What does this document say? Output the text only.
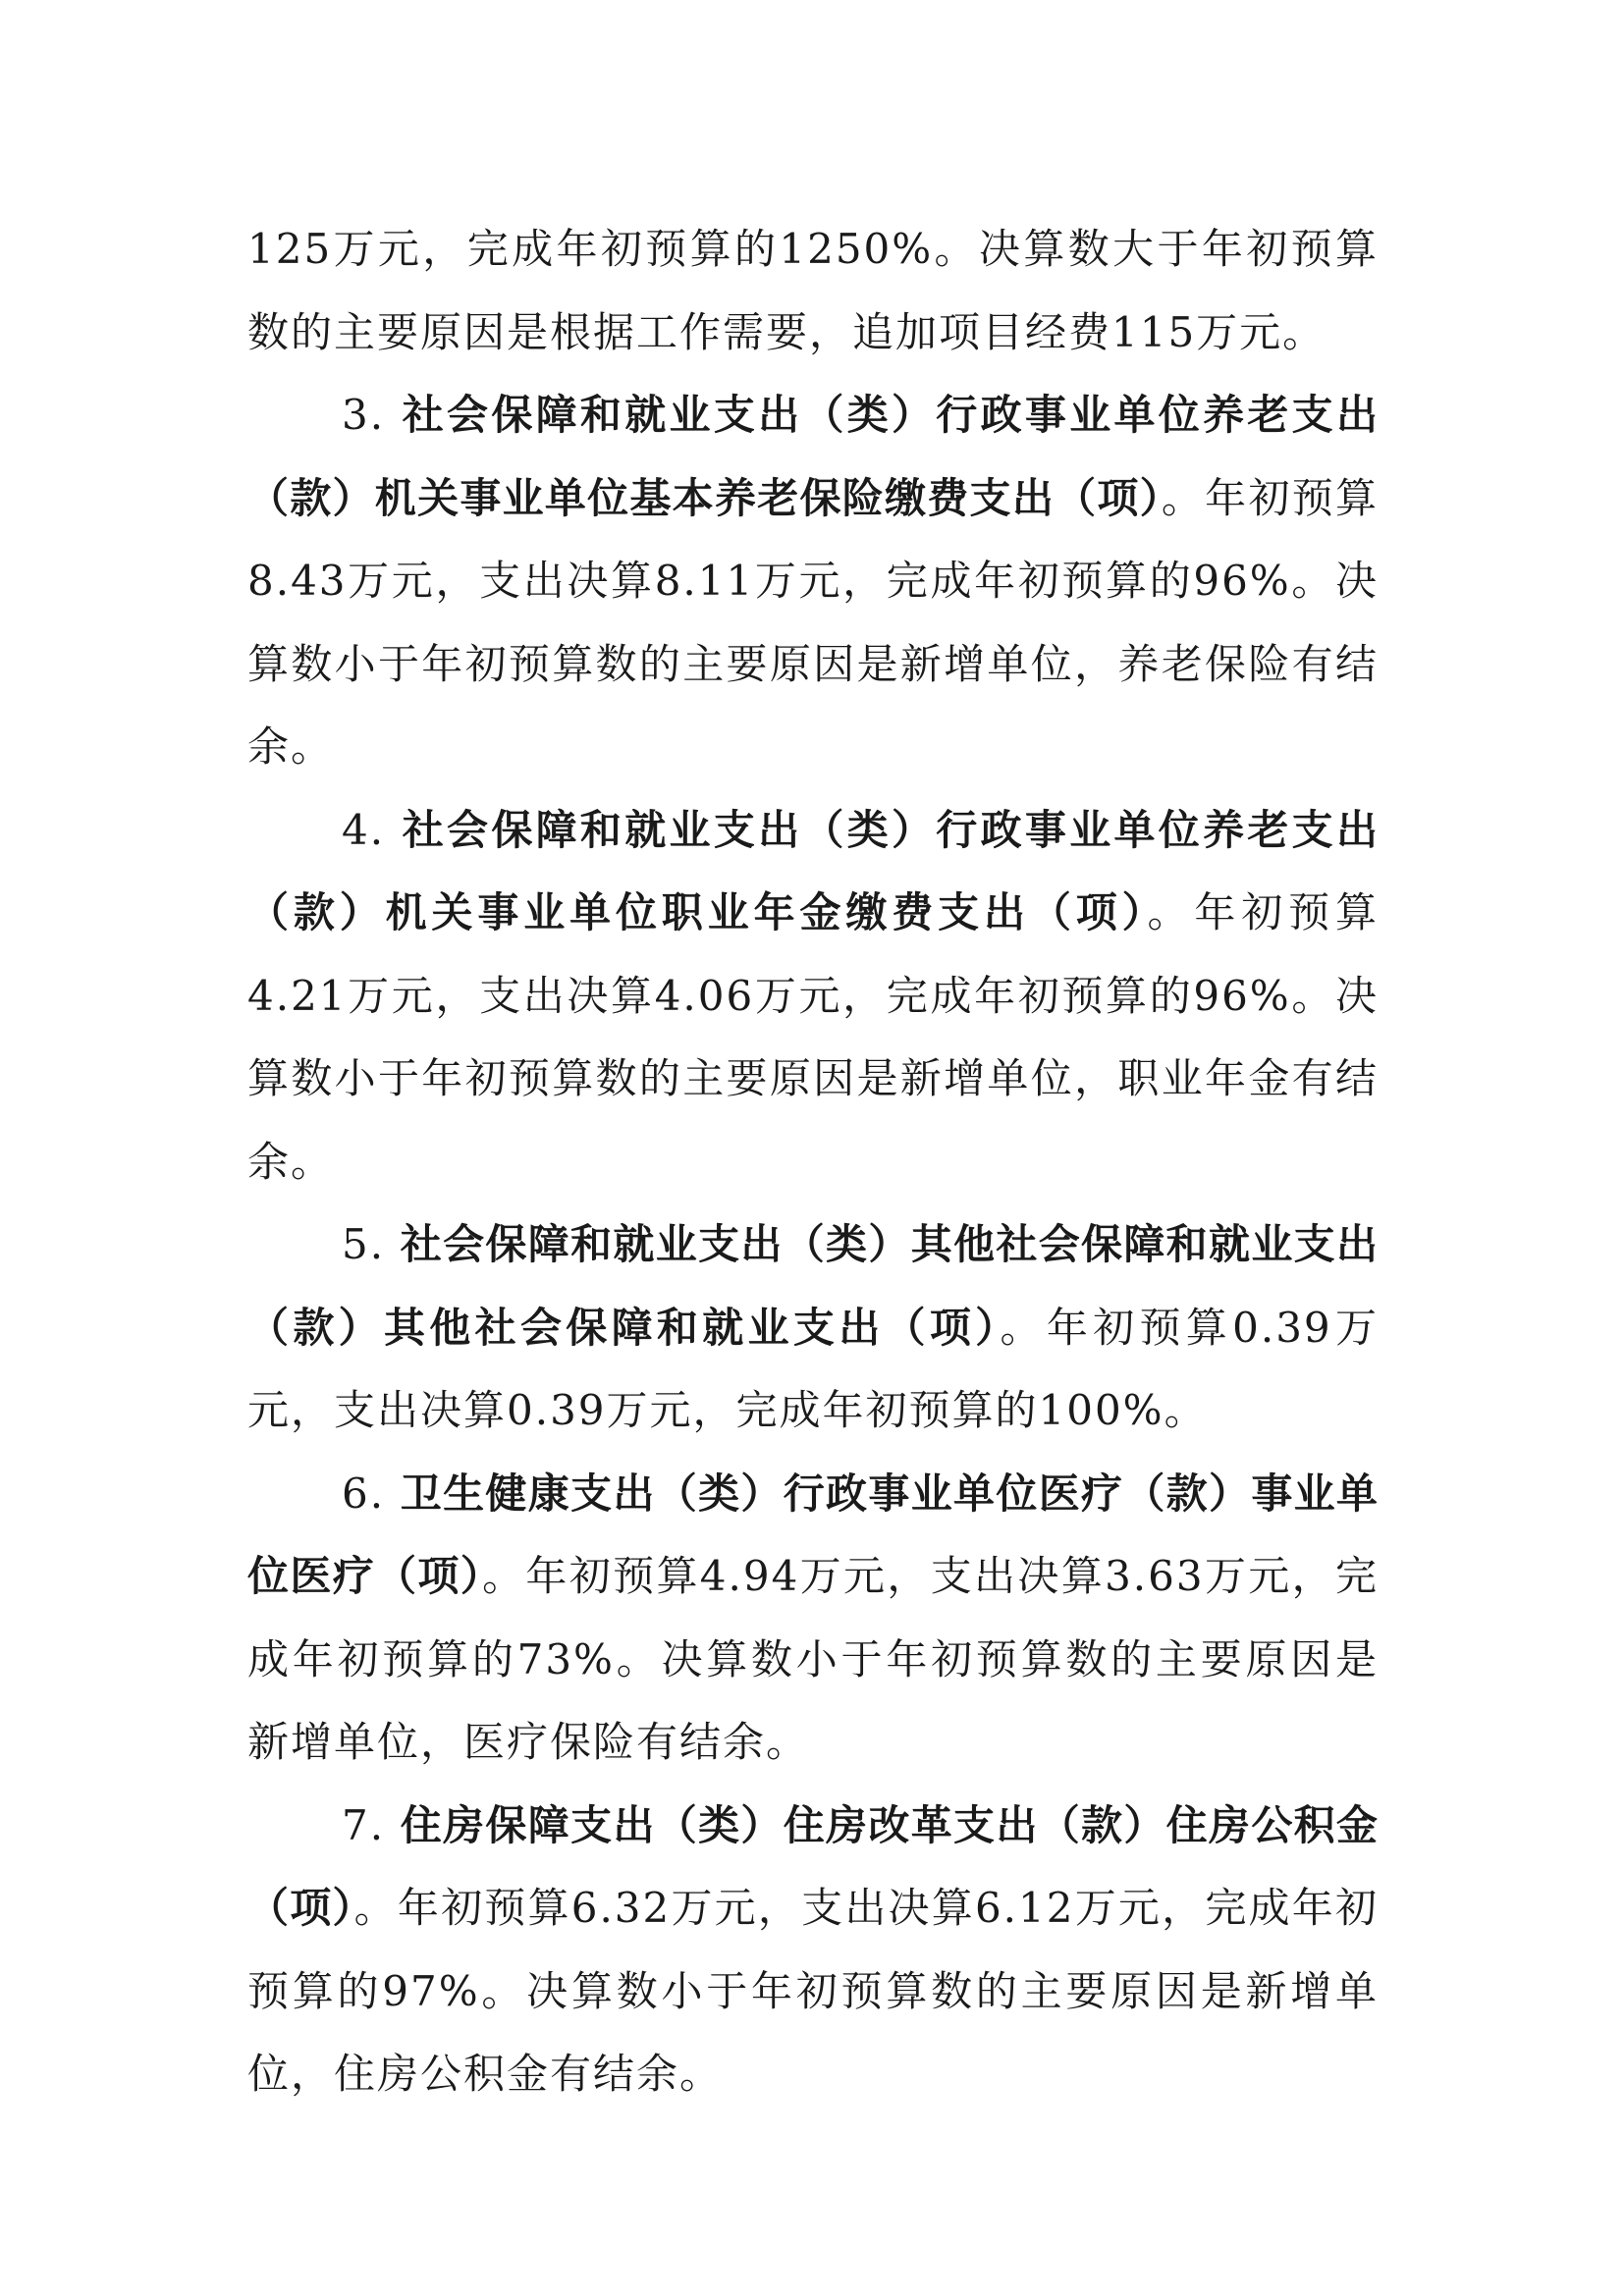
125万元，完成年初预算的1250%。决算数大于年初预算数的主要原因是根据工作需要，追加项目经费115万元。

3. 社会保障和就业支出（类）行政事业单位养老支出（款）机关事业单位基本养老保险缴费支出（项）。年初预算8.43万元，支出决算8.11万元，完成年初预算的96%。决算数小于年初预算数的主要原因是新增单位，养老保险有结余。

4. 社会保障和就业支出（类）行政事业单位养老支出（款）机关事业单位职业年金缴费支出（项）。年初预算4.21万元，支出决算4.06万元，完成年初预算的96%。决算数小于年初预算数的主要原因是新增单位，职业年金有结余。

5. 社会保障和就业支出（类）其他社会保障和就业支出（款）其他社会保障和就业支出（项）。年初预算0.39万元，支出决算0.39万元，完成年初预算的100%。

6. 卫生健康支出（类）行政事业单位医疗（款）事业单位医疗（项）。年初预算4.94万元，支出决算3.63万元，完成年初预算的73%。决算数小于年初预算数的主要原因是新增单位，医疗保险有结余。

7. 住房保障支出（类）住房改革支出（款）住房公积金（项）。年初预算6.32万元，支出决算6.12万元，完成年初预算的97%。决算数小于年初预算数的主要原因是新增单位，住房公积金有结余。
